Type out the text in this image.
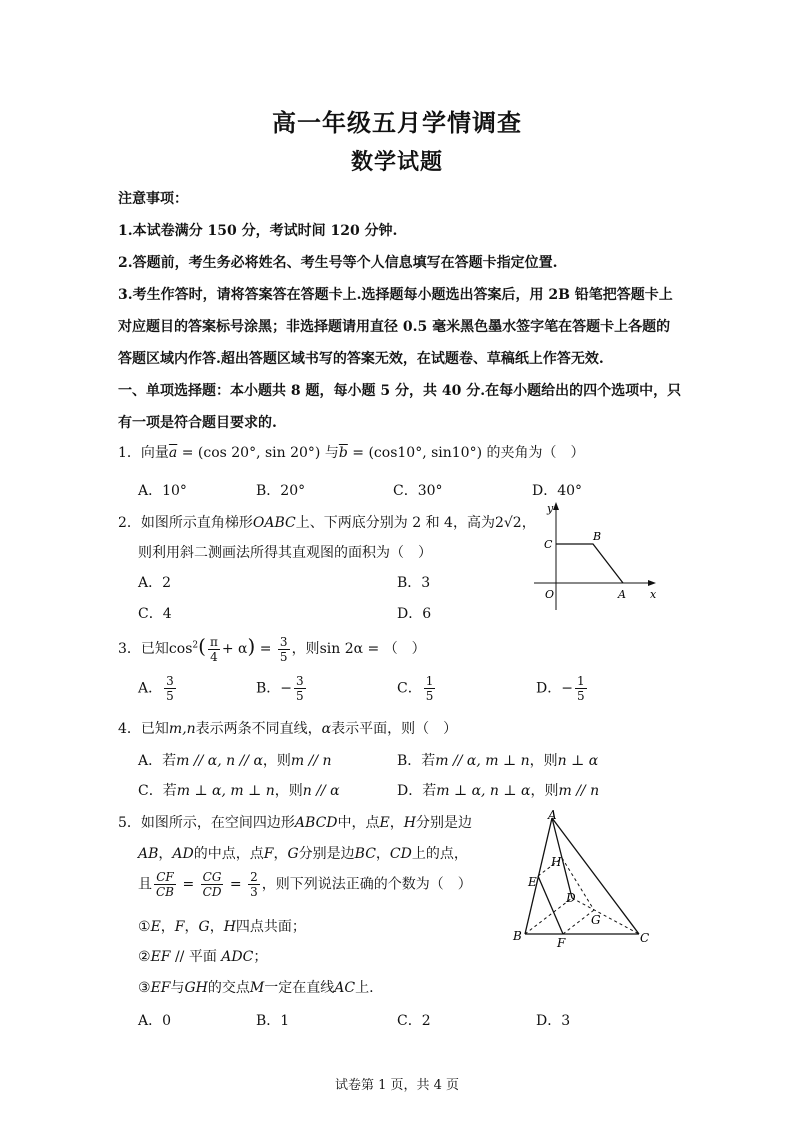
高一年级五月学情调查
数学试题
注意事项：
1.本试卷满分 150 分，考试时间 120 分钟.
2.答题前，考生务必将姓名、考生号等个人信息填写在答题卡指定位置.
3.考生作答时，请将答案答在答题卡上.选择题每小题选出答案后，用 2B 铅笔把答题卡上
对应题目的答案标号涂黑；非选择题请用直径 0.5 毫米黑色墨水签字笔在答题卡上各题的
答题区域内作答.超出答题区域书写的答案无效，在试题卷、草稿纸上作答无效.
一、单项选择题：本小题共 8 题，每小题 5 分，共 40 分.在每小题给出的四个选项中，只
有一项是符合题目要求的.
1．向量$\overline{a} = (\cos$ 20°, sin 20°) 与$\overline{b} = (\cos 10^\circ$, sin10°) 的夹角为（　）
A．10°	B．20°	C．30°	D．40°
2．如图所示直角梯形OABC上、下两底分别为 2 和 4，高为2√2，
则利用斜二测画法所得其直观图的面积为（　）
A．2	B．3
C．4	D．6
y
x
O	A
B
C
3．已知$\cos^2( \frac{\pi}{4} + \alpha) = \frac{3}{5}$ ，则sin 2α = （　）
A． $\frac{3}{5}$	B．− $\frac{3}{5}$	C． $\frac{1}{5}$	D．− $\frac{1}{5}$
4．已知m,n表示两条不同直线，α表示平面，则（　）
A．若m // α, n // α，则m // n	B．若m // α, m ⊥ n，则n ⊥ α
C．若m ⊥ α, m ⊥ n，则n // α	D．若m ⊥ α, n ⊥ α，则m // n
5．如图所示，在空间四边形ABCD中，点E，H分别是边
AB，AD的中点，点F，G分别是边BC，CD上的点，
且 $\frac{CF}{CB} = \frac{CG}{CD} = \frac{2}{3}$ ，则下列说法正确的个数为（　）
①E，F，G，H四点共面；
②EF // 平面 ADC；
③EF与GH的交点M一定在直线AC上.
A．0	B．1	C．2	D．3
A
B	C
D
E
F
G
H
试卷第 1 页，共 4 页
